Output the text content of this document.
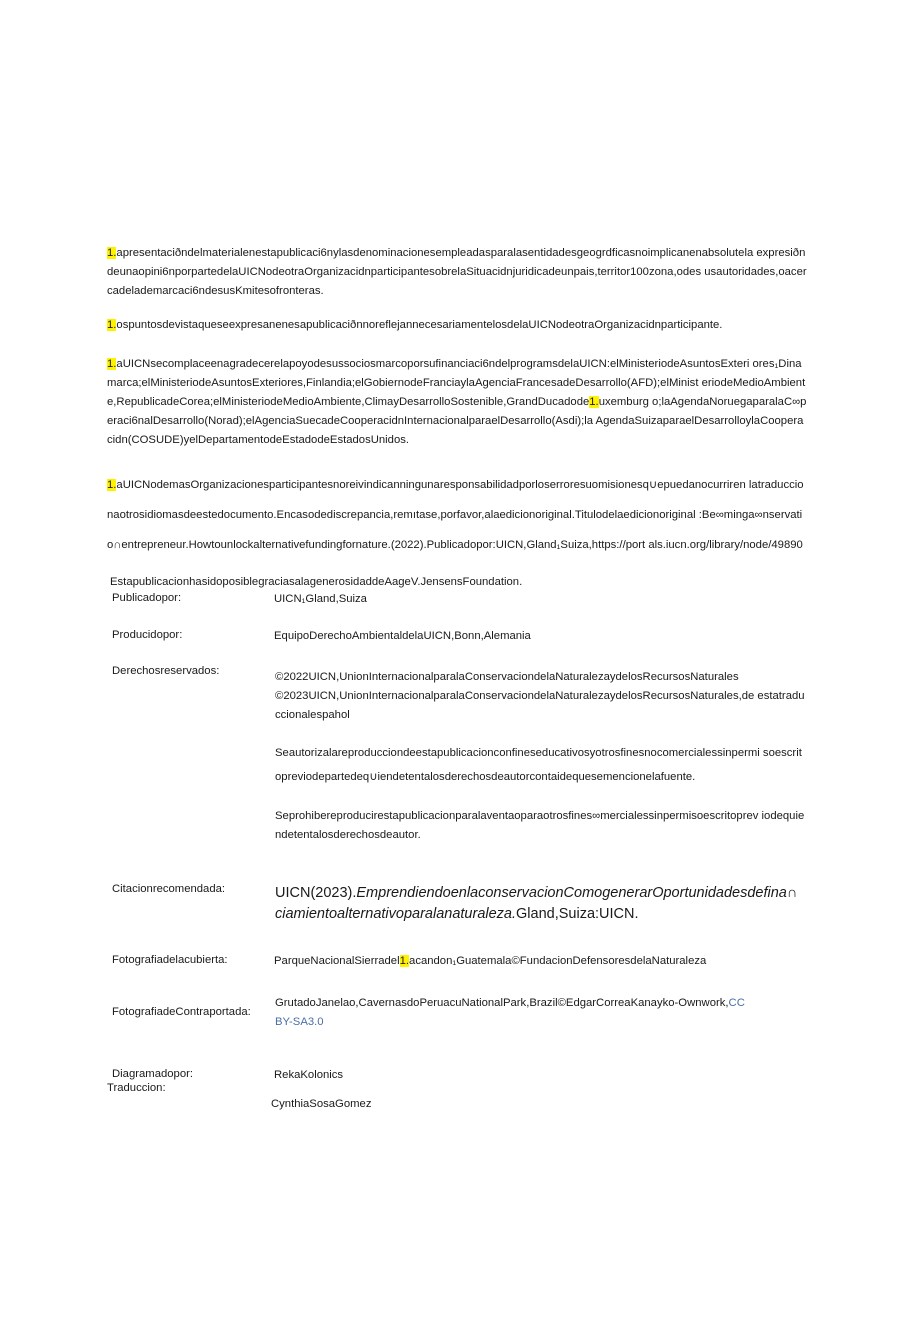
1.apresentaciðndelmaterialenestapublicaci6nylasdenominacionesempleadasparalasentidadesgeogrdficasnoimplicanenabsolutela expresiðndeunaopini6nporpartedelaUICNodeotraOrganizacidnparticipantesobrelaSituacidnjuridicadeunpais,territor100zona,odes usautoridades,oacercadelademarcaci6ndesusKmitesofronteras.

1.ospuntosdevistaqueseexpresanenesapublicaciðnnoreflejannecesariamentelosdelaUICNodeotraOrganizacidnparticipante.

1.aUICNsecomplaceenagradecerelapoyodesussociosmarcoporsufinanciaci6ndelprogramsdelaUICN:elMinisteriodeAsuntosExteri ores₁Dinamarca;elMinisteriodeAsuntosExteriores,Finlandia;elGobiernodeFranciaylaAgenciaFrancesadeDesarrollo(AFD);elMinist eriodeMedioAmbiente,RepublicadeCorea;elMinisteriodeMedioAmbiente,ClimayDesarrolloSostenible,GrandDucadode1.uxemburg o;laAgendaNoruegaparalaC∞peraci6nalDesarrollo(Norad);elAgenciaSuecadeCooperacidnInternacionalparaelDesarrollo(Asdi);la AgendaSuizaparaelDesarrolloylaCooperacidn(COSUDE)yelDepartamentodeEstadodeEstadosUnidos.

1.aUICNodemasOrganizacionesparticipantesnoreivindicanningunaresponsabilidadporloserroresuomisionesq∪epuedanocurriren latraduccionaotrosidiomasdeestedocumento.Encasodediscrepancia,remıtase,porfavor,alaedicionoriginal.Titulodelaedicionoriginal :Be∞minga∞nservatio∩entrepreneur.Howtounlockalternativefundingfornature.(2022).Publicadopor:UICN,Gland₁Suiza,https://port als.iucn.org/library/node/49890

EstapublicacionhasidoposiblegraciasalagenerosidaddeAageV.JensensFoundation.
Publicadopor:	UICN₁Gland,Suiza
Producidopor:	EquipoDerechoAmbientaldelaUICN,Bonn,Alemania
Derechosreservados:	©2022UICN,UnionInternacionalparalaConservaciondelaNaturalezaydelosRecursosNaturales

©2023UICN,UnionInternacionalparalaConservaciondelaNaturalezaydelosRecursosNaturales,de estatraduccionalespahol

Seautorizalareproducciondeestapublicacionconfineseducativosyotrosfinesnocomercialessinpermi soescritopreviodepartedeq∪iendetentalosderechosdeautorcontaidequesemencionelafuente.

Seprohibereproducirestapublicacionparalaventaoparaotrosfines∞mercialessinpermisoescritoprev iodequiendetentalosderechosdeautor.

Citacionrecomendada:	UICN(2023).EmprendiendoenlaconservacionComogenerarOportunidadesdefina∩ciamientoalternativoparalanaturaleza.Gland,Suiza:UICN.
Fotografiadelacubierta:	ParqueNacionalSierradel1.acandon₁Guatemala©FundacionDefensoresdelaNaturaleza
FotografiadeContraportada:
GrutadoJanelao,CavernasdoPeruacuNationalPark,Brazil©EdgarCorreaKanayko-Ownwork,CCBY-SA3.0
Diagramadopor:	RekaKolonics
Traduccion:
CynthiaSosaGomez
